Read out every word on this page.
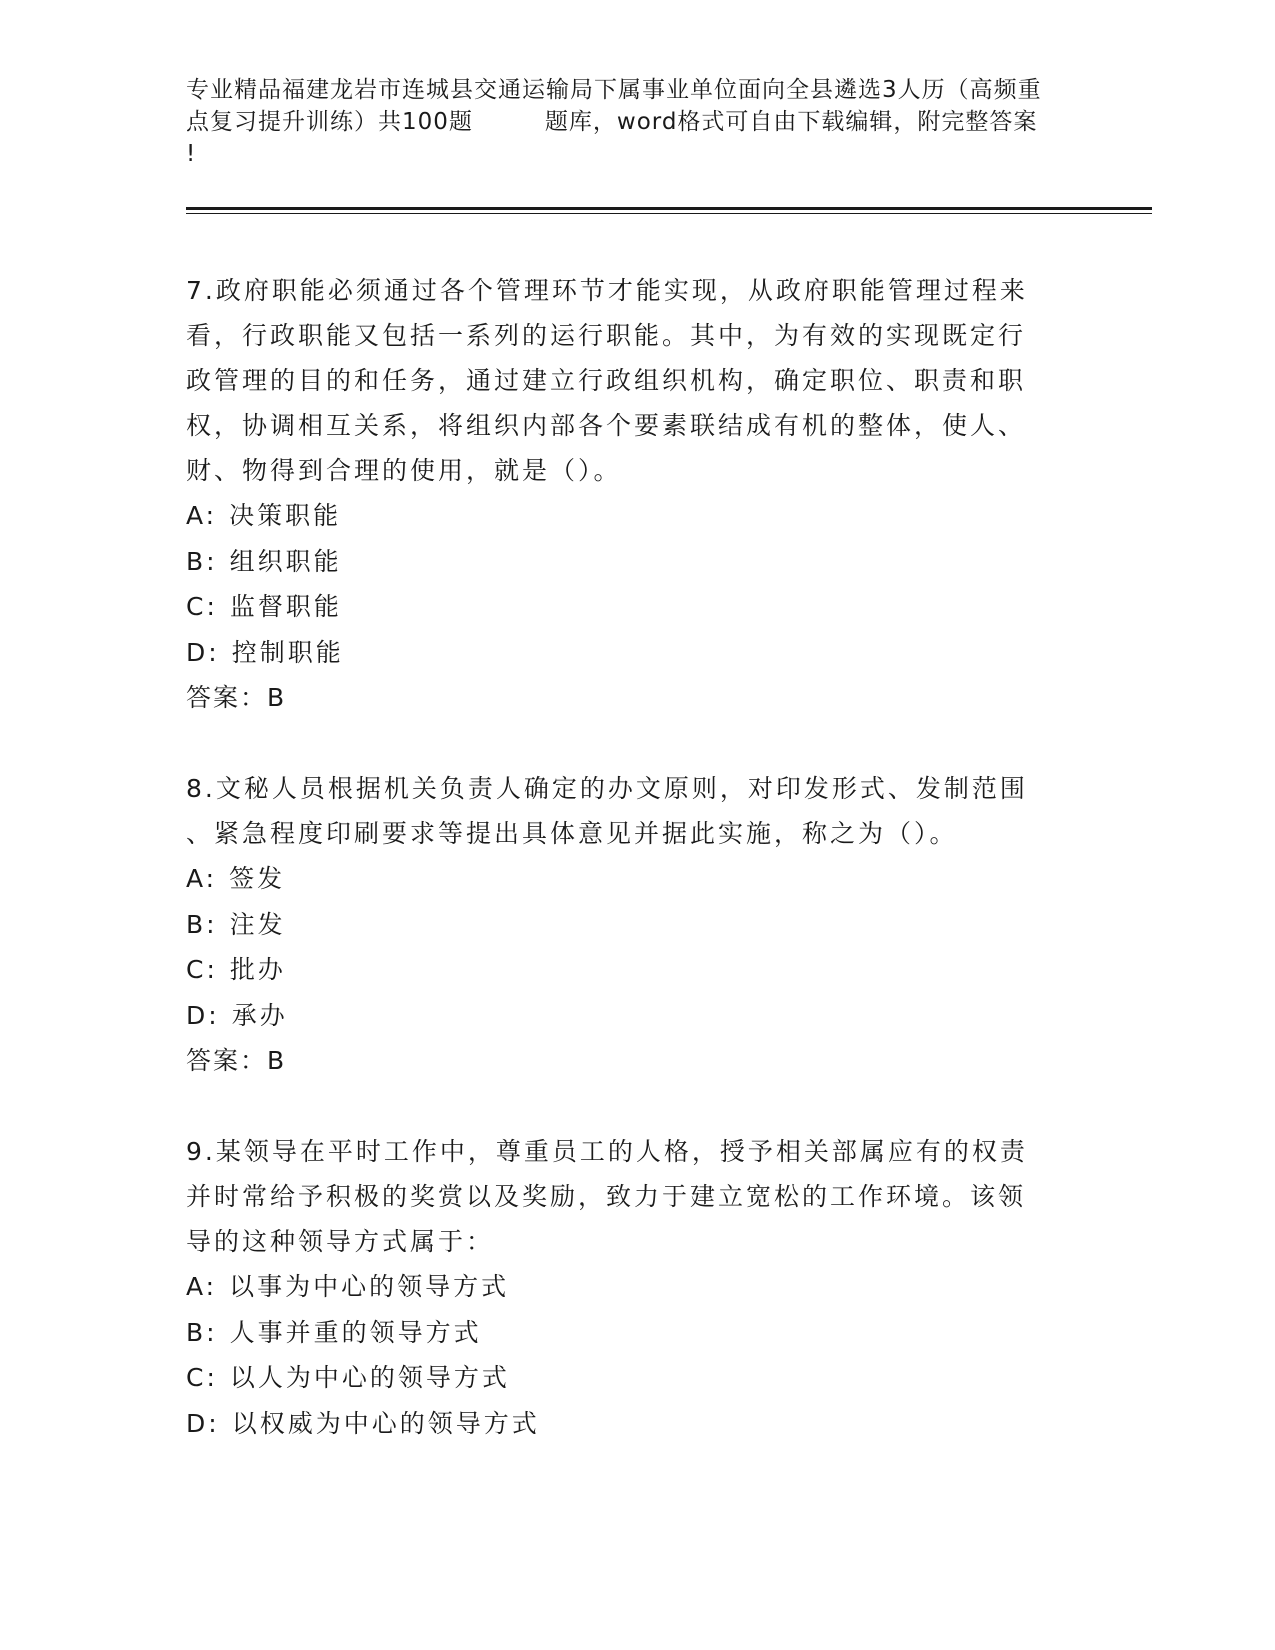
专业精品福建龙岩市连城县交通运输局下属事业单位面向全县遴选3人历（高频重
点复习提升训练）共100题　　　题库，word格式可自由下载编辑，附完整答案
!
7.政府职能必须通过各个管理环节才能实现，从政府职能管理过程来
看，行政职能又包括一系列的运行职能。其中，为有效的实现既定行
政管理的目的和任务，通过建立行政组织机构，确定职位、职责和职
权，协调相互关系，将组织内部各个要素联结成有机的整体，使人、
财、物得到合理的使用，就是（）。
A: 决策职能
B: 组织职能
C: 监督职能
D: 控制职能
答案：B
8.文秘人员根据机关负责人确定的办文原则，对印发形式、发制范围
、紧急程度印刷要求等提出具体意见并据此实施，称之为（）。
A: 签发
B: 注发
C: 批办
D: 承办
答案：B
9.某领导在平时工作中，尊重员工的人格，授予相关部属应有的权责
并时常给予积极的奖赏以及奖励，致力于建立宽松的工作环境。该领
导的这种领导方式属于：
A: 以事为中心的领导方式
B: 人事并重的领导方式
C: 以人为中心的领导方式
D: 以权威为中心的领导方式
